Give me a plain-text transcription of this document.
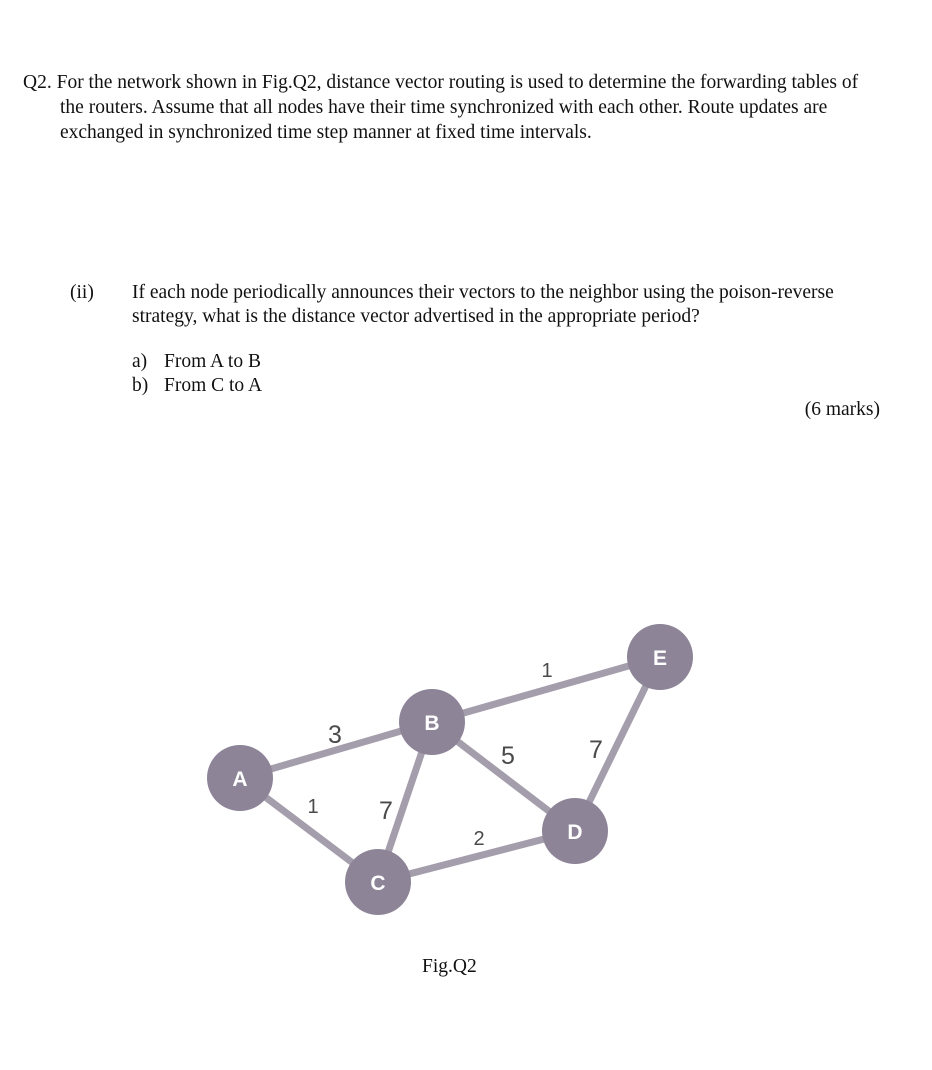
Q2. For the network shown in Fig.Q2, distance vector routing is used to determine the forwarding tables of the routers. Assume that all nodes have their time synchronized with each other. Route updates are exchanged in synchronized time step manner at fixed time intervals.
(ii) If each node periodically announces their vectors to the neighbor using the poison-reverse strategy, what is the distance vector advertised in the appropriate period?
a) From A to B
b) From C to A
(6 marks)
3
1 7
5
1
2
7
A
B
C
D
E
Fig.Q2
